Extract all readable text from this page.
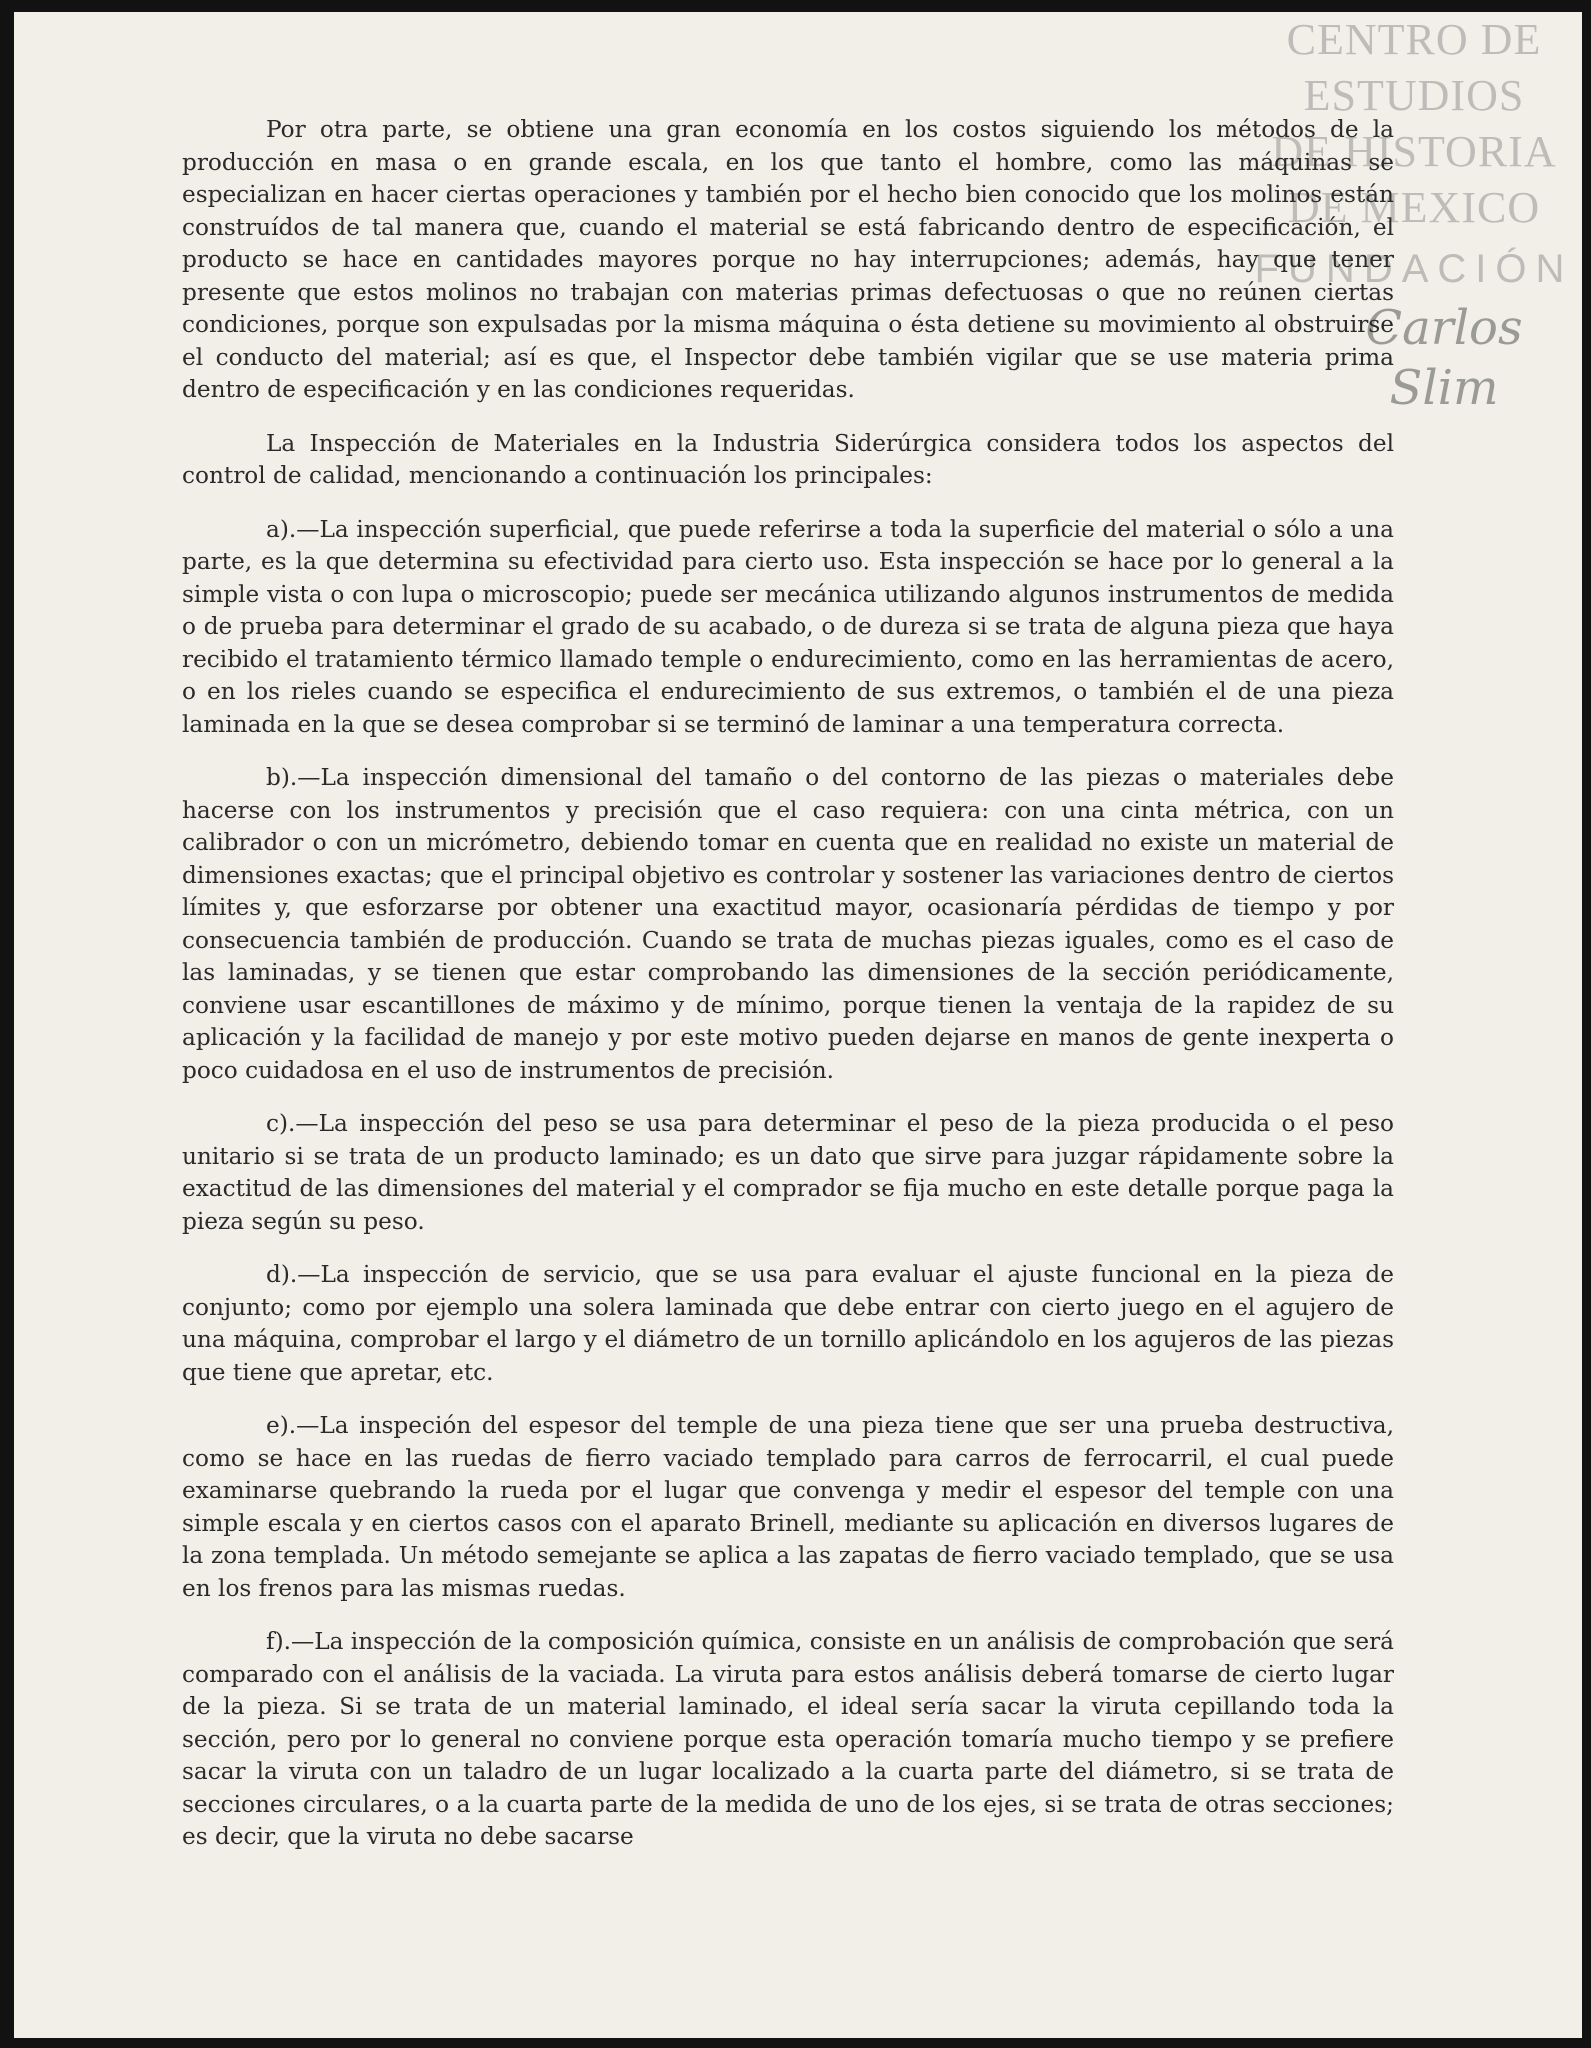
CENTRO DE
ESTUDIOS
DE HISTORIA
DE MEXICO
FUNDACIÓN
Carlos Slim

Por otra parte, se obtiene una gran economía en los costos siguiendo los métodos de la producción en masa o en grande escala, en los que tanto el hombre, como las máquinas se especializan en hacer ciertas operaciones y también por el hecho bien conocido que los molinos están construídos de tal manera que, cuando el material se está fabricando dentro de especificación, el producto se hace en cantidades mayores porque no hay interrupciones; además, hay que tener presente que estos molinos no trabajan con materias primas defectuosas o que no reúnen ciertas condiciones, porque son expulsadas por la misma máquina o ésta detiene su movimiento al obstruirse el conducto del material; así es que, el Inspector debe también vigilar que se use materia prima dentro de especificación y en las condiciones requeridas.

La Inspección de Materiales en la Industria Siderúrgica considera todos los aspectos del control de calidad, mencionando a continuación los principales:

a).—La inspección superficial, que puede referirse a toda la superficie del material o sólo a una parte, es la que determina su efectividad para cierto uso. Esta inspección se hace por lo general a la simple vista o con lupa o microscopio; puede ser mecánica utilizando algunos instrumentos de medida o de prueba para determinar el grado de su acabado, o de dureza si se trata de alguna pieza que haya recibido el tratamiento térmico llamado temple o endurecimiento, como en las herramientas de acero, o en los rieles cuando se especifica el endurecimiento de sus extremos, o también el de una pieza laminada en la que se desea comprobar si se terminó de laminar a una temperatura correcta.

b).—La inspección dimensional del tamaño o del contorno de las piezas o materiales debe hacerse con los instrumentos y precisión que el caso requiera: con una cinta métrica, con un calibrador o con un micrómetro, debiendo tomar en cuenta que en realidad no existe un material de dimensiones exactas; que el principal objetivo es controlar y sostener las variaciones dentro de ciertos límites y, que esforzarse por obtener una exactitud mayor, ocasionaría pérdidas de tiempo y por consecuencia también de producción. Cuando se trata de muchas piezas iguales, como es el caso de las laminadas, y se tienen que estar comprobando las dimensiones de la sección periódicamente, conviene usar escantillones de máximo y de mínimo, porque tienen la ventaja de la rapidez de su aplicación y la facilidad de manejo y por este motivo pueden dejarse en manos de gente inexperta o poco cuidadosa en el uso de instrumentos de precisión.

c).—La inspección del peso se usa para determinar el peso de la pieza producida o el peso unitario si se trata de un producto laminado; es un dato que sirve para juzgar rápidamente sobre la exactitud de las dimensiones del material y el comprador se fija mucho en este detalle porque paga la pieza según su peso.

d).—La inspección de servicio, que se usa para evaluar el ajuste funcional en la pieza de conjunto; como por ejemplo una solera laminada que debe entrar con cierto juego en el agujero de una máquina, comprobar el largo y el diámetro de un tornillo aplicándolo en los agujeros de las piezas que tiene que apretar, etc.

e).—La inspeción del espesor del temple de una pieza tiene que ser una prueba destructiva, como se hace en las ruedas de fierro vaciado templado para carros de ferrocarril, el cual puede examinarse quebrando la rueda por el lugar que convenga y medir el espesor del temple con una simple escala y en ciertos casos con el aparato Brinell, mediante su aplicación en diversos lugares de la zona templada. Un método semejante se aplica a las zapatas de fierro vaciado templado, que se usa en los frenos para las mismas ruedas.

f).—La inspección de la composición química, consiste en un análisis de comprobación que será comparado con el análisis de la vaciada. La viruta para estos análisis deberá tomarse de cierto lugar de la pieza. Si se trata de un material laminado, el ideal sería sacar la viruta cepillando toda la sección, pero por lo general no conviene porque esta operación tomaría mucho tiempo y se prefiere sacar la viruta con un taladro de un lugar localizado a la cuarta parte del diámetro, si se trata de secciones circulares, o a la cuarta parte de la medida de uno de los ejes, si se trata de otras secciones; es decir, que la viruta no debe sacarse
